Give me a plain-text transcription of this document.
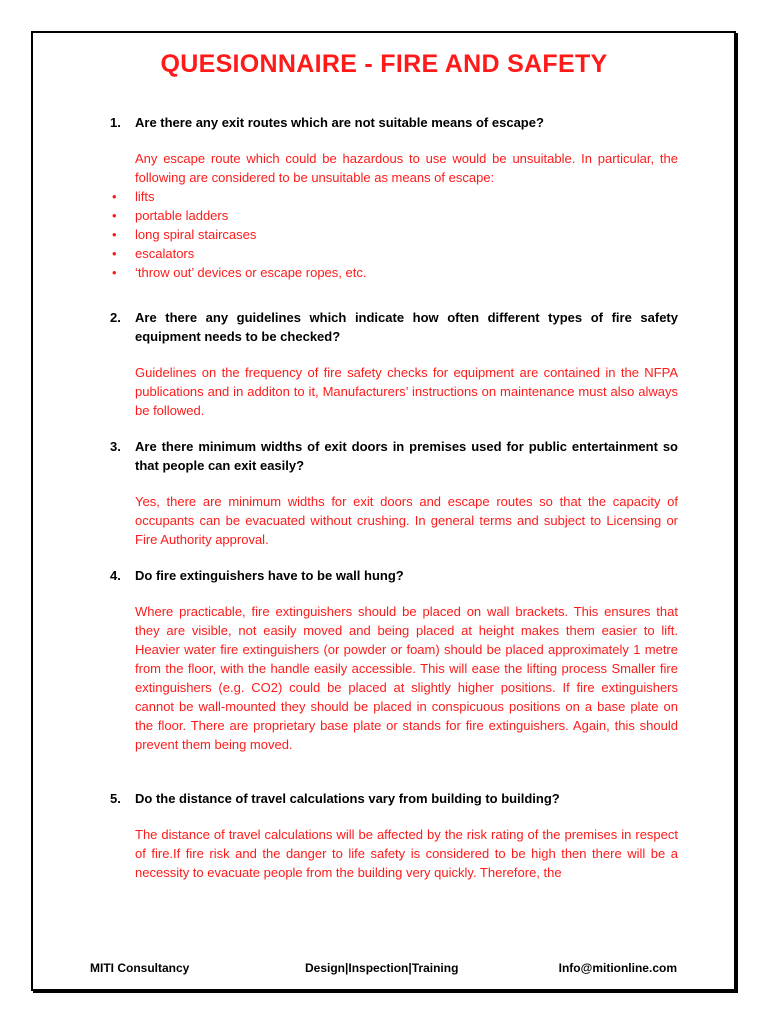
QUESIONNAIRE - FIRE AND SAFETY
1. Are there any exit routes which are not suitable means of escape?
Any escape route which could be hazardous to use would be unsuitable. In particular, the following are considered to be unsuitable as means of escape:
• lifts
• portable ladders
• long spiral staircases
• escalators
• ‘throw out’ devices or escape ropes, etc.
2. Are there any guidelines which indicate how often different types of fire safety equipment needs to be checked?
Guidelines on the frequency of fire safety checks for equipment are contained in the NFPA publications and in additon to it, Manufacturers’ instructions on maintenance must also always be followed.
3. Are there minimum widths of exit doors in premises used for public entertainment so that people can exit easily?
Yes, there are minimum widths for exit doors and escape routes so that the capacity of occupants can be evacuated without crushing. In general terms and subject to Licensing or Fire Authority approval.
4. Do fire extinguishers have to be wall hung?
Where practicable, fire extinguishers should be placed on wall brackets. This ensures that they are visible, not easily moved and being placed at height makes them easier to lift. Heavier water fire extinguishers (or powder or foam) should be placed approximately 1 metre from the floor, with the handle easily accessible. This will ease the lifting process Smaller fire extinguishers (e.g. CO2) could be placed at slightly higher positions. If fire extinguishers cannot be wall-mounted they should be placed in conspicuous positions on a base plate on the floor. There are proprietary base plate or stands for fire extinguishers. Again, this should prevent them being moved.
5. Do the distance of travel calculations vary from building to building?
The distance of travel calculations will be affected by the risk rating of the premises in respect of fire.If fire risk and the danger to life safety is considered to be high then there will be a necessity to evacuate people from the building very quickly. Therefore, the
MITI Consultancy	Design|Inspection|Training	Info@mitionline.com
